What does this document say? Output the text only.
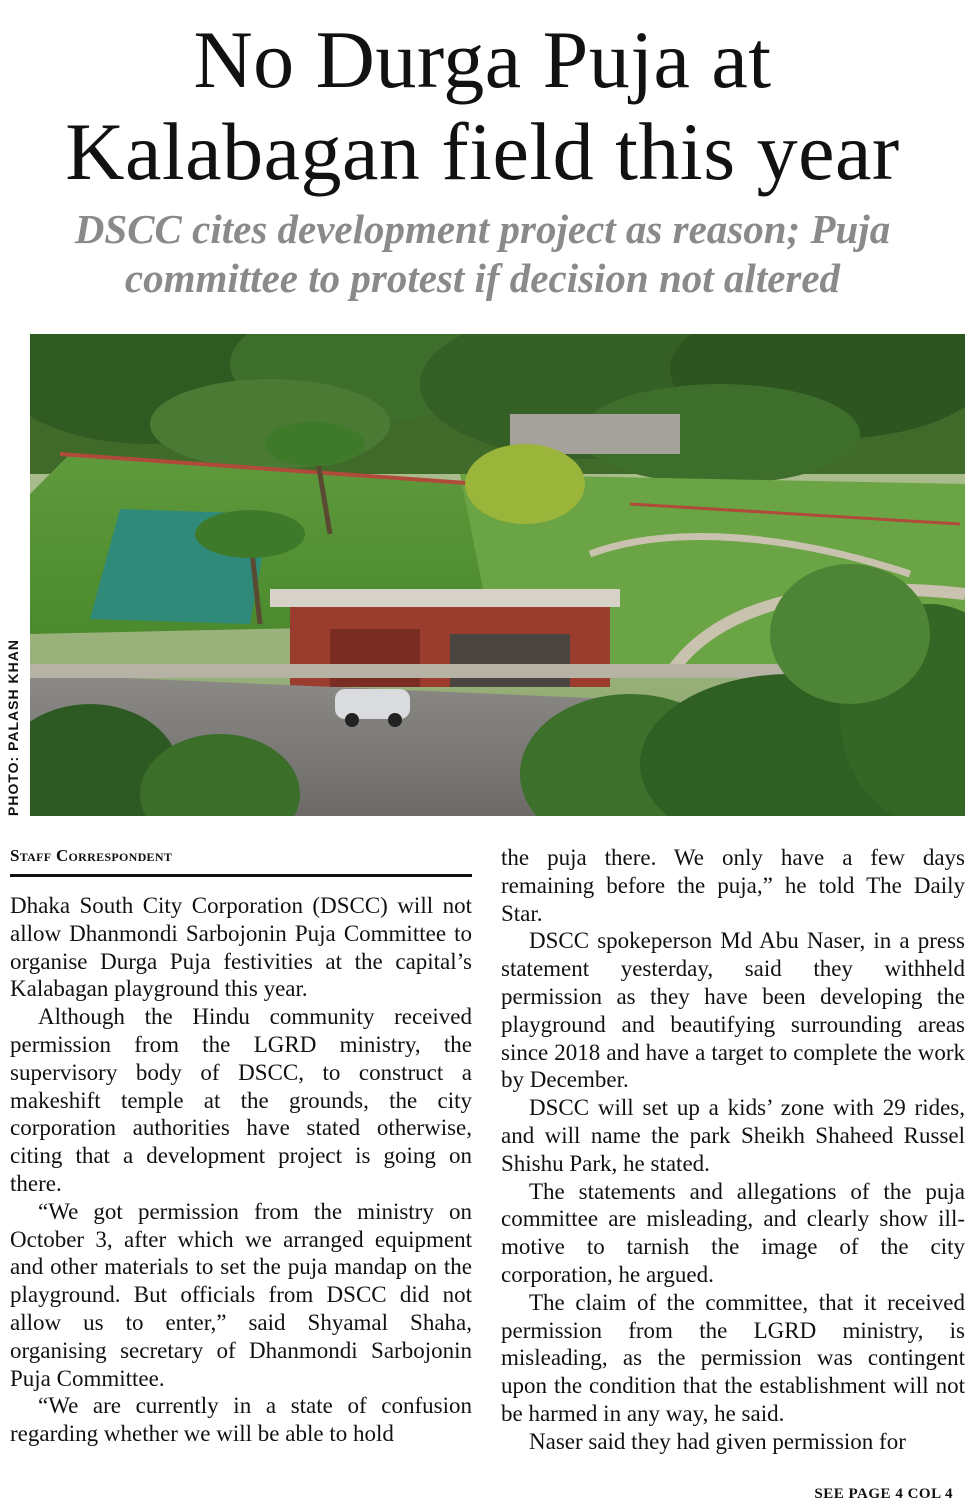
No Durga Puja at
Kalabagan field this year
DSCC cites development project as reason; Puja
committee to protest if decision not altered
PHOTO: PALASH KHAN
Staff Correspondent

Dhaka South City Corporation (DSCC) will not allow Dhanmondi Sarbojonin Puja Committee to organise Durga Puja festivities at the capital’s Kalabagan playground this year.

Although the Hindu community received permission from the LGRD ministry, the supervisory body of DSCC, to construct a makeshift temple at the grounds, the city corporation authorities have stated otherwise, citing that a development project is going on there.

“We got permission from the ministry on October 3, after which we arranged equipment and other materials to set the puja mandap on the playground. But officials from DSCC did not allow us to enter,” said Shyamal Shaha, organising secretary of Dhanmondi Sarbojonin Puja Committee.

“We are currently in a state of confusion regarding whether we will be able to hold

the puja there. We only have a few days remaining before the puja,” he told The Daily Star.

DSCC spokeperson Md Abu Naser, in a press statement yesterday, said they withheld permission as they have been developing the playground and beautifying surrounding areas since 2018 and have a target to complete the work by December.

DSCC will set up a kids’ zone with 29 rides, and will name the park Sheikh Shaheed Russel Shishu Park, he stated.

The statements and allegations of the puja committee are misleading, and clearly show ill-motive to tarnish the image of the city corporation, he argued.

The claim of the committee, that it received permission from the LGRD ministry, is misleading, as the permission was contingent upon the condition that the establishment will not be harmed in any way, he said.

Naser said they had given permission for

SEE PAGE 4 COL 4
